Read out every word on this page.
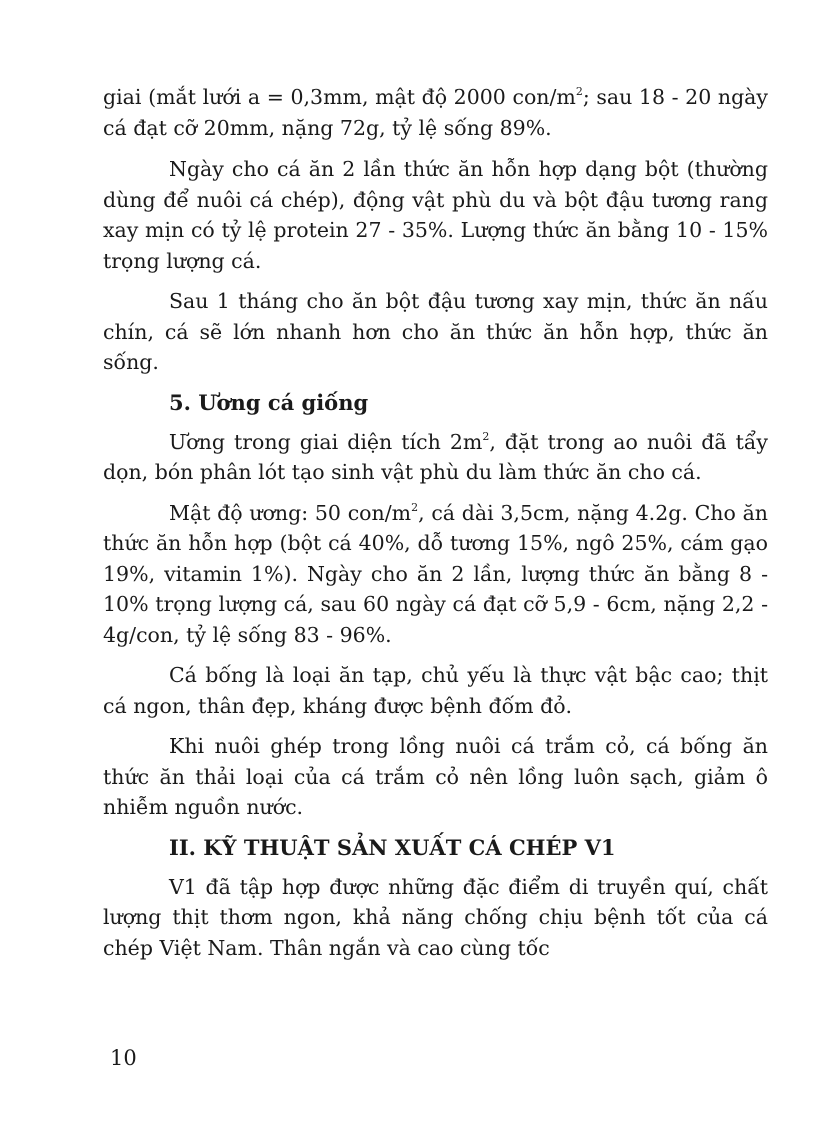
giai (mắt lưới a = 0,3mm, mật độ 2000 con/$m^2$; sau 18 - 20 ngày cá đạt cỡ 20mm, nặng 72g, tỷ lệ sống 89%.

Ngày cho cá ăn 2 lần thức ăn hỗn hợp dạng bột (thường dùng để nuôi cá chép), động vật phù du và bột đậu tương rang xay mịn có tỷ lệ protein 27 - 35%. Lượng thức ăn bằng 10 - 15% trọng lượng cá.

Sau 1 tháng cho ăn bột đậu tương xay mịn, thức ăn nấu chín, cá sẽ lớn nhanh hơn cho ăn thức ăn hỗn hợp, thức ăn sống.

5. Ương cá giống

Ương trong giai diện tích $2m^2$, đặt trong ao nuôi đã tẩy dọn, bón phân lót tạo sinh vật phù du làm thức ăn cho cá.

Mật độ ương: 50 con/$m^2$, cá dài 3,5cm, nặng 4.2g. Cho ăn thức ăn hỗn hợp (bột cá 40%, dỗ tương 15%, ngô 25%, cám gạo 19%, vitamin 1%). Ngày cho ăn 2 lần, lượng thức ăn bằng 8 - 10% trọng lượng cá, sau 60 ngày cá đạt cỡ 5,9 - 6cm, nặng 2,2 - 4g/con, tỷ lệ sống 83 - 96%.

Cá bống là loại ăn tạp, chủ yếu là thực vật bậc cao; thịt cá ngon, thân đẹp, kháng được bệnh đốm đỏ.

Khi nuôi ghép trong lồng nuôi cá trắm cỏ, cá bống ăn thức ăn thải loại của cá trắm cỏ nên lồng luôn sạch, giảm ô nhiễm nguồn nước.

II. KỸ THUẬT SẢN XUẤT CÁ CHÉP V1

V1 đã tập hợp được những đặc điểm di truyền quí, chất lượng thịt thơm ngon, khả năng chống chịu bệnh tốt của cá chép Việt Nam. Thân ngắn và cao cùng tốc

10
